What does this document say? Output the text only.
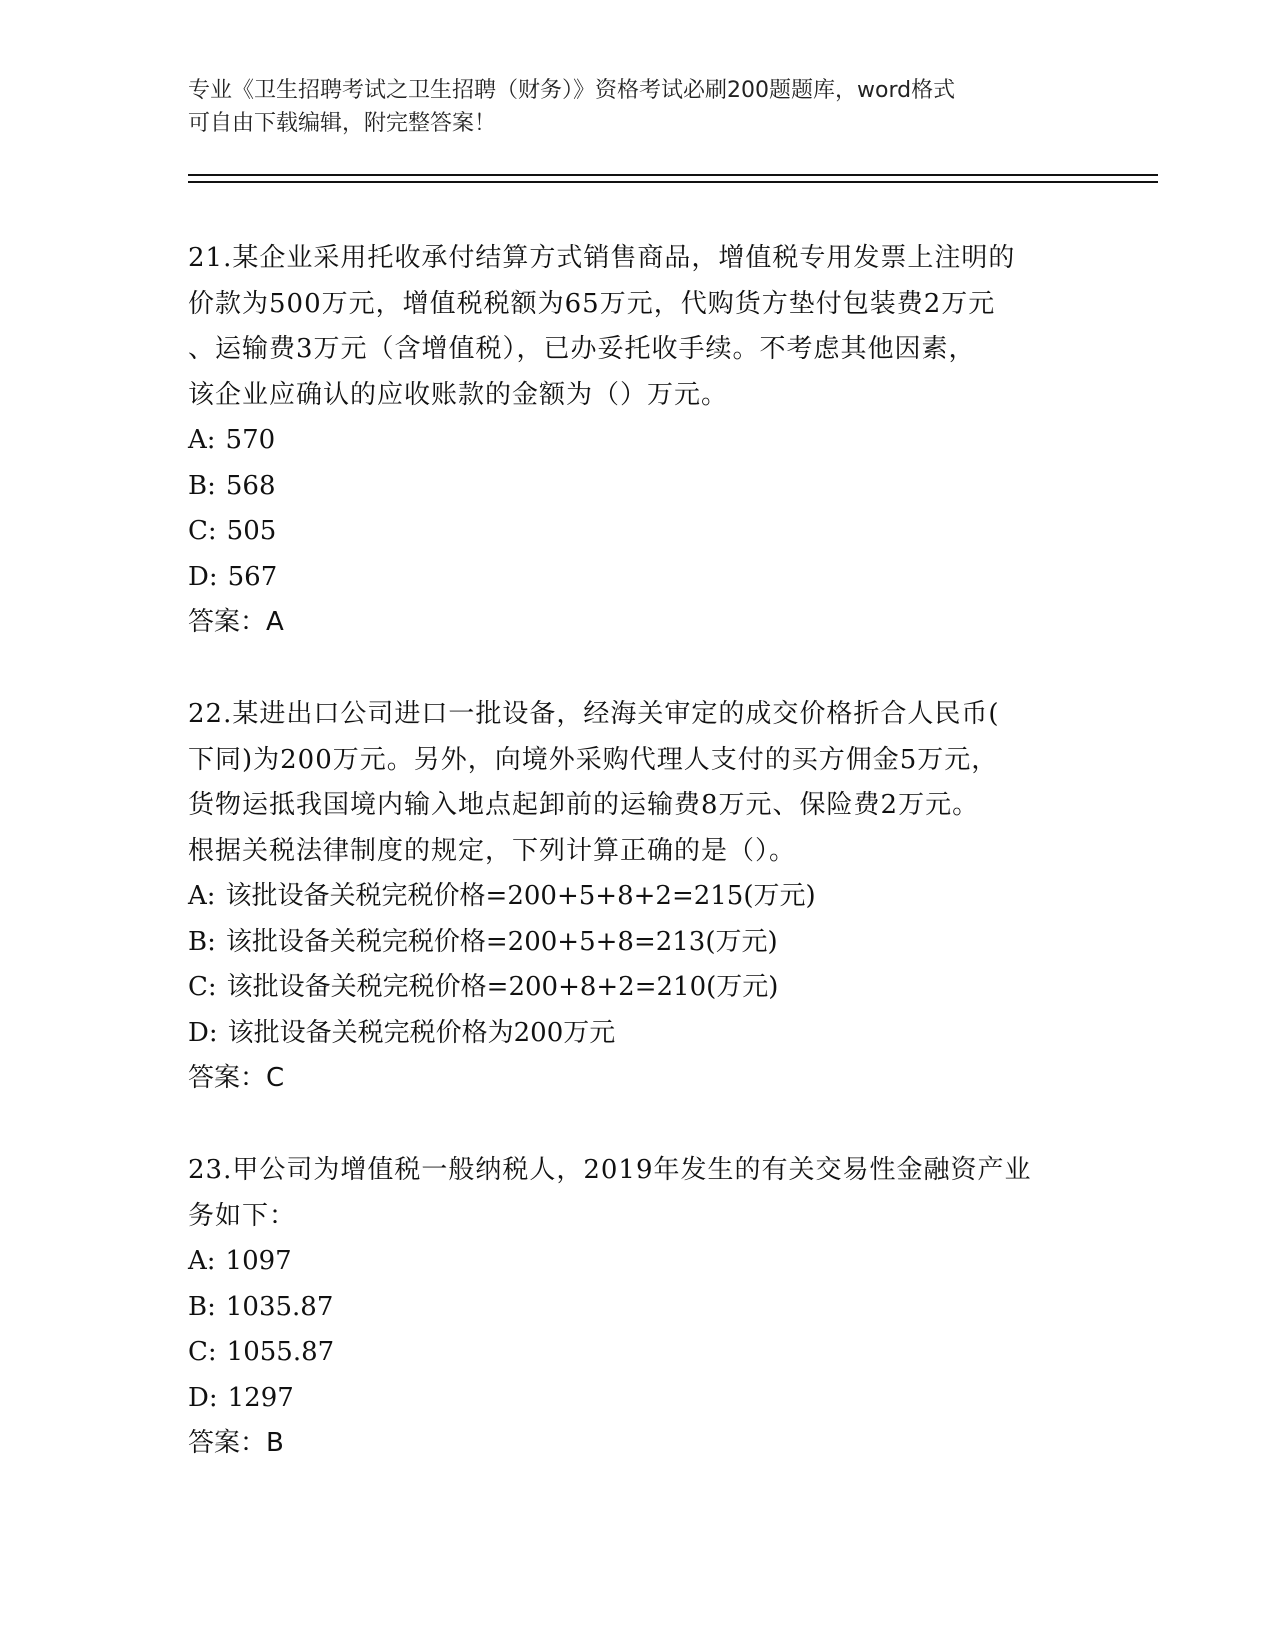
专业《卫生招聘考试之卫生招聘（财务）》资格考试必刷200题题库，word格式
可自由下载编辑，附完整答案！

21.某企业采用托收承付结算方式销售商品，增值税专用发票上注明的

价款为500万元，增值税税额为65万元，代购货方垫付包装费2万元

、运输费3万元（含增值税），已办妥托收手续。不考虑其他因素，

该企业应确认的应收账款的金额为（）万元。

A: 570

B: 568

C: 505

D: 567

答案：A

22.某进出口公司进口一批设备，经海关审定的成交价格折合人民币(

下同)为200万元。另外，向境外采购代理人支付的买方佣金5万元，

货物运抵我国境内输入地点起卸前的运输费8万元、保险费2万元。

根据关税法律制度的规定，下列计算正确的是（）。

A: 该批设备关税完税价格=200+5+8+2=215(万元)

B: 该批设备关税完税价格=200+5+8=213(万元)

C: 该批设备关税完税价格=200+8+2=210(万元)

D: 该批设备关税完税价格为200万元

答案：C

23.甲公司为增值税一般纳税人，2019年发生的有关交易性金融资产业

务如下：

A: 1097

B: 1035.87

C: 1055.87

D: 1297

答案：B
